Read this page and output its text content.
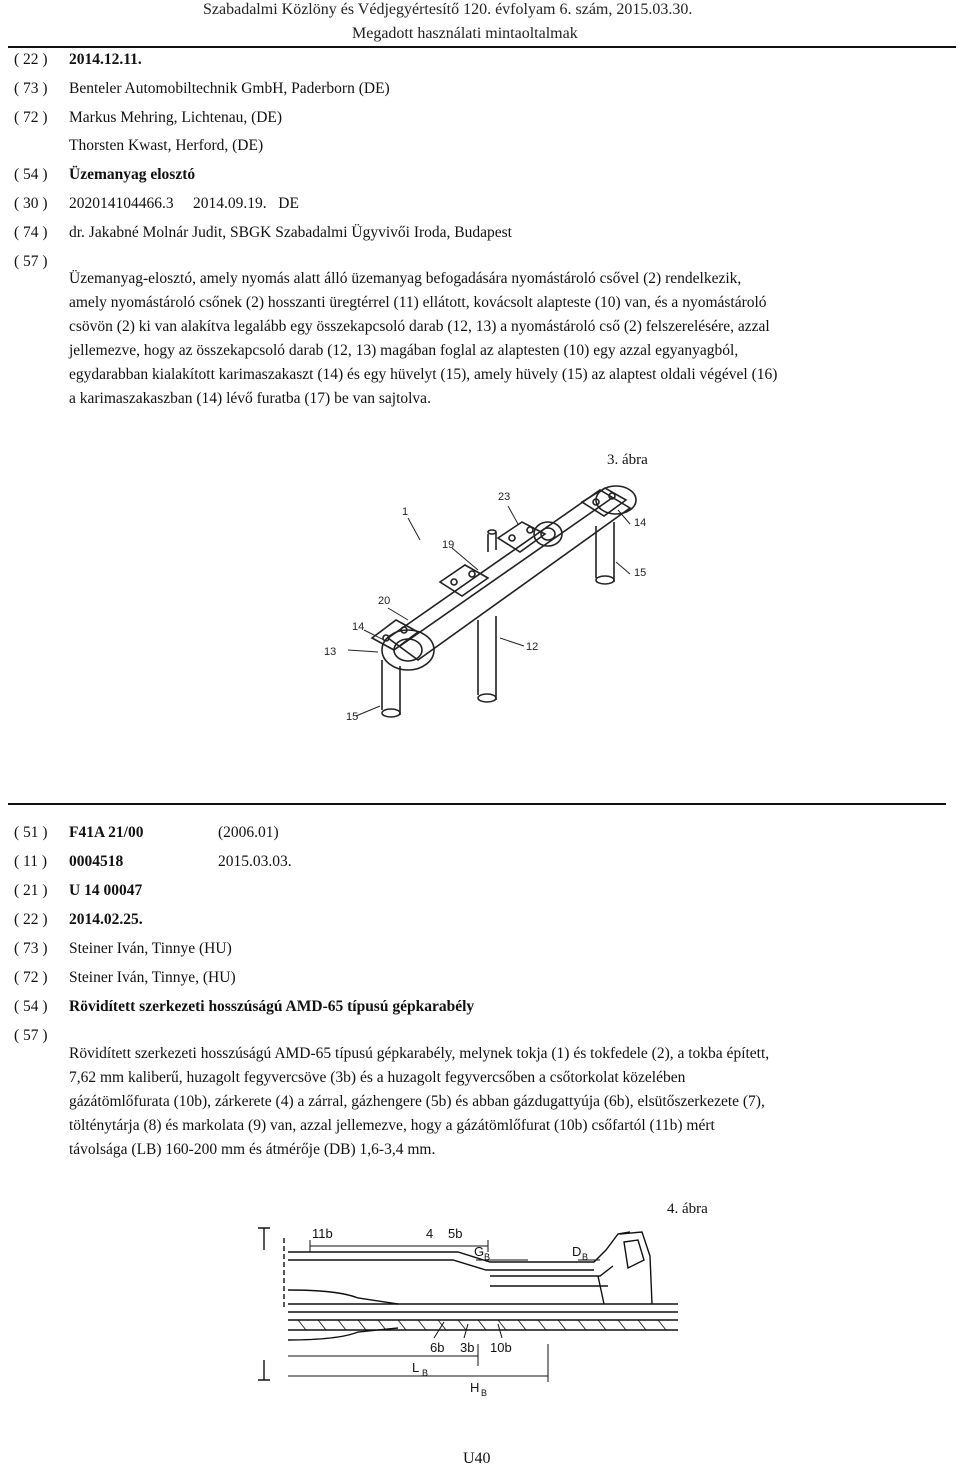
Szabadalmi Közlöny és Védjegyértesítő 120. évfolyam 6. szám, 2015.03.30.
Megadott használati mintaoltalmak
( 22 ) 2014.12.11.
( 73 ) Benteler Automobiltechnik GmbH, Paderborn (DE)
( 72 ) Markus Mehring, Lichtenau, (DE)
Thorsten Kwast, Herford, (DE)
( 54 ) Üzemanyag elosztó
( 30 ) 202014104466.3     2014.09.19.   DE
( 74 ) dr. Jakabné Molnár Judit, SBGK Szabadalmi Ügyvivői Iroda, Budapest
( 57 )
Üzemanyag-elosztó, amely nyomás alatt álló üzemanyag befogadására nyomástároló csővel (2) rendelkezik,
amely nyomástároló csőnek (2) hosszanti üregtérrel (11) ellátott, kovácsolt alapteste (10) van, és a nyomástároló
csövön (2) ki van alakítva legalább egy összekapcsoló darab (12, 13) a nyomástároló cső (2) felszerelésére, azzal
jellemezve, hogy az összekapcsoló darab (12, 13) magában foglal az alaptesten (10) egy azzal egyanyagból,
egydarabban kialakított karimaszakaszt (14) és egy hüvelyt (15), amely hüvely (15) az alaptest oldali végével (16)
a karimaszakaszban (14) lévő furatba (17) be van sajtolva.
3. ábra
23
1
14
19
15
20
14
13	12
15
( 51 ) F41A 21/00	(2006.01)
( 11 ) 0004518	2015.03.03.
( 21 ) U 14 00047
( 22 ) 2014.02.25.
( 73 ) Steiner Iván, Tinnye (HU)
( 72 ) Steiner Iván, Tinnye, (HU)
( 54 ) Rövidített szerkezeti hosszúságú AMD-65 típusú gépkarabély
( 57 )
Rövidített szerkezeti hosszúságú AMD-65 típusú gépkarabély, melynek tokja (1) és tokfedele (2), a tokba épített,
7,62 mm kaliberű, huzagolt fegyvercsöve (3b) és a huzagolt fegyvercsőben a csőtorkolat közelében
gázátömlőfurata (10b), zárkerete (4) a zárral, gázhengere (5b) és abban gázdugattyúja (6b), elsütőszerkezete (7),
tölténytárja (8) és markolata (9) van, azzal jellemezve, hogy a gázátömlőfurat (10b) csőfartól (11b) mért
távolsága (LB) 160-200 mm és átmérője (DB) 1,6-3,4 mm.
4. ábra
11b	4 5b
G B	D B
6b 3b 10b
L B
H B
U40
